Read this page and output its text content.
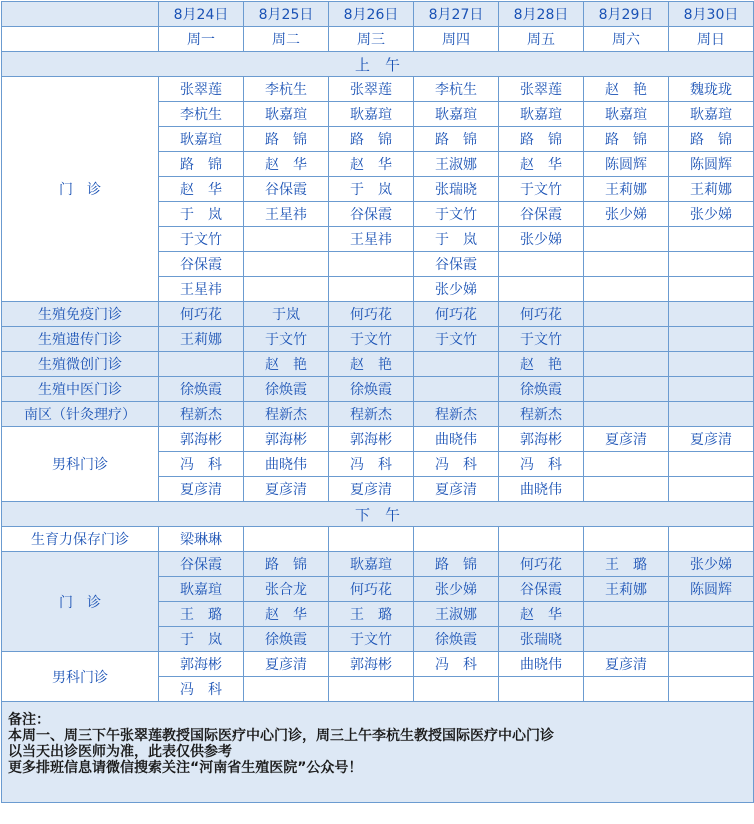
	8月24日	8月25日	8月26日	8月27日	8月28日	8月29日	8月30日
	周一	周二	周三	周四	周五	周六	周日
上　午							
门　诊	张翠莲	李杭生	张翠莲	李杭生	张翠莲	赵　艳	魏珑珑
	李杭生	耿嘉瑄	耿嘉瑄	耿嘉瑄	耿嘉瑄	耿嘉瑄	耿嘉瑄
	耿嘉瑄	路　锦	路　锦	路　锦	路　锦	路　锦	路　锦
	路　锦	赵　华	赵　华	王淑娜	赵　华	陈圆辉	陈圆辉
	赵　华	谷保霞	于　岚	张瑞晓	于文竹	王莉娜	王莉娜
	于　岚	王星祎	谷保霞	于文竹	谷保霞	张少娣	张少娣
	于文竹		王星祎	于　岚	张少娣		
	谷保霞			谷保霞			
	王星祎			张少娣			
生殖免疫门诊	何巧花	于岚	何巧花	何巧花	何巧花		
生殖遗传门诊	王莉娜	于文竹	于文竹	于文竹	于文竹		
生殖微创门诊		赵　艳	赵　艳		赵　艳		
生殖中医门诊	徐焕霞	徐焕霞	徐焕霞		徐焕霞		
南区（针灸理疗）	程新杰	程新杰	程新杰	程新杰	程新杰		
男科门诊	郭海彬	郭海彬	郭海彬	曲晓伟	郭海彬	夏彦清	夏彦清
	冯　科	曲晓伟	冯　科	冯　科	冯　科		
	夏彦清	夏彦清	夏彦清	夏彦清	曲晓伟		
下　午							
生育力保存门诊	梁琳琳						
门　诊	谷保霞	路　锦	耿嘉瑄	路　锦	何巧花	王　璐	张少娣
	耿嘉瑄	张合龙	何巧花	张少娣	谷保霞	王莉娜	陈圆辉
	王　璐	赵　华	王　璐	王淑娜	赵　华		
	于　岚	徐焕霞	于文竹	徐焕霞	张瑞晓		
男科门诊	郭海彬	夏彦清	郭海彬	冯　科	曲晓伟	夏彦清	
	冯　科						

备注：
本周一、周三下午张翠莲教授国际医疗中心门诊，周三上午李杭生教授国际医疗中心门诊
以当天出诊医师为准，此表仅供参考
更多排班信息请微信搜索关注“河南省生殖医院”公众号！							
